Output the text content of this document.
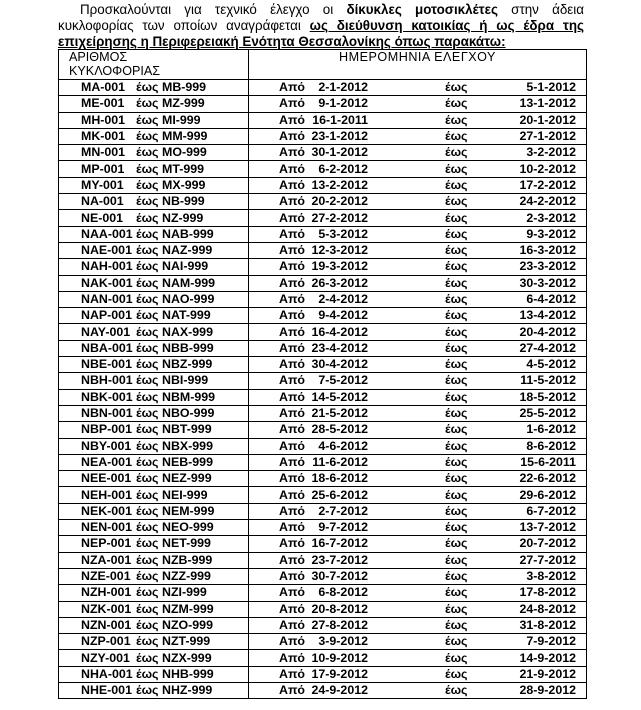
Προσκαλούνται για τεχνικό έλεγχο οι δίκυκλες μοτοσικλέτες στην άδεια κυκλοφορίας των οποίων αναγράφεται ως διεύθυνση κατοικίας ή ως έδρα της επιχείρησης η Περιφερειακή Ενότητα Θεσσαλονίκης όπως παρακάτω:

ΑΡΙΘΜΟΣ
ΚΥΚΛΟΦΟΡΙΑΣ	ΗΜΕΡΟΜΗΝΙΑ ΕΛΕΓΧΟΥ

MA-001 έως MB-999	Από 2-1-2012 έως 5-1-2012

ME-001 έως MZ-999	Από 9-1-2012 έως 13-1-2012

MH-001 έως MI-999	Από 16-1-2011 έως 20-1-2012

MK-001 έως MM-999	Από 23-1-2012 έως 27-1-2012

MN-001 έως MO-999	Από 30-1-2012 έως 3-2-2012

MP-001 έως MT-999	Από 6-2-2012 έως 10-2-2012

MY-001 έως MX-999	Από 13-2-2012 έως 17-2-2012

NA-001 έως NB-999	Από 20-2-2012 έως 24-2-2012

NE-001 έως NZ-999	Από 27-2-2012 έως 2-3-2012

NAA-001 έως NAB-999	Από 5-3-2012 έως 9-3-2012

NAE-001 έως NAZ-999	Από 12-3-2012 έως 16-3-2012

NAH-001 έως NAI-999	Από 19-3-2012 έως 23-3-2012

NAK-001 έως NAM-999	Από 26-3-2012 έως 30-3-2012

NAN-001 έως NAO-999	Από 2-4-2012 έως 6-4-2012

NAP-001 έως NAT-999	Από 9-4-2012 έως 13-4-2012

NAY-001 έως NAX-999	Από 16-4-2012 έως 20-4-2012

NBA-001 έως NBB-999	Από 23-4-2012 έως 27-4-2012

NBE-001 έως NBZ-999	Από 30-4-2012 έως 4-5-2012

NBH-001 έως NBI-999	Από 7-5-2012 έως 11-5-2012

NBK-001 έως NBM-999	Από 14-5-2012 έως 18-5-2012

NBN-001 έως NBO-999	Από 21-5-2012 έως 25-5-2012

NBP-001 έως NBT-999	Από 28-5-2012 έως 1-6-2012

NBY-001 έως NBX-999	Από 4-6-2012 έως 8-6-2012

NEA-001 έως NEB-999	Από 11-6-2012 έως 15-6-2011

NEE-001 έως NEZ-999	Από 18-6-2012 έως 22-6-2012

NEH-001 έως NEI-999	Από 25-6-2012 έως 29-6-2012

NEK-001 έως NEM-999	Από 2-7-2012 έως 6-7-2012

NEN-001 έως NEO-999	Από 9-7-2012 έως 13-7-2012

NEP-001 έως NET-999	Από 16-7-2012 έως 20-7-2012

NZA-001 έως NZB-999	Από 23-7-2012 έως 27-7-2012

NZE-001 έως NZZ-999	Από 30-7-2012 έως 3-8-2012

NZH-001 έως NZI-999	Από 6-8-2012 έως 17-8-2012

NZK-001 έως NZM-999	Από 20-8-2012 έως 24-8-2012

NZN-001 έως NZO-999	Από 27-8-2012 έως 31-8-2012

NZP-001 έως NZT-999	Από 3-9-2012 έως 7-9-2012

NZY-001 έως NZX-999	Από 10-9-2012 έως 14-9-2012

NHA-001 έως NHB-999	Από 17-9-2012 έως 21-9-2012

NHE-001 έως NHZ-999	Από 24-9-2012 έως 28-9-2012
